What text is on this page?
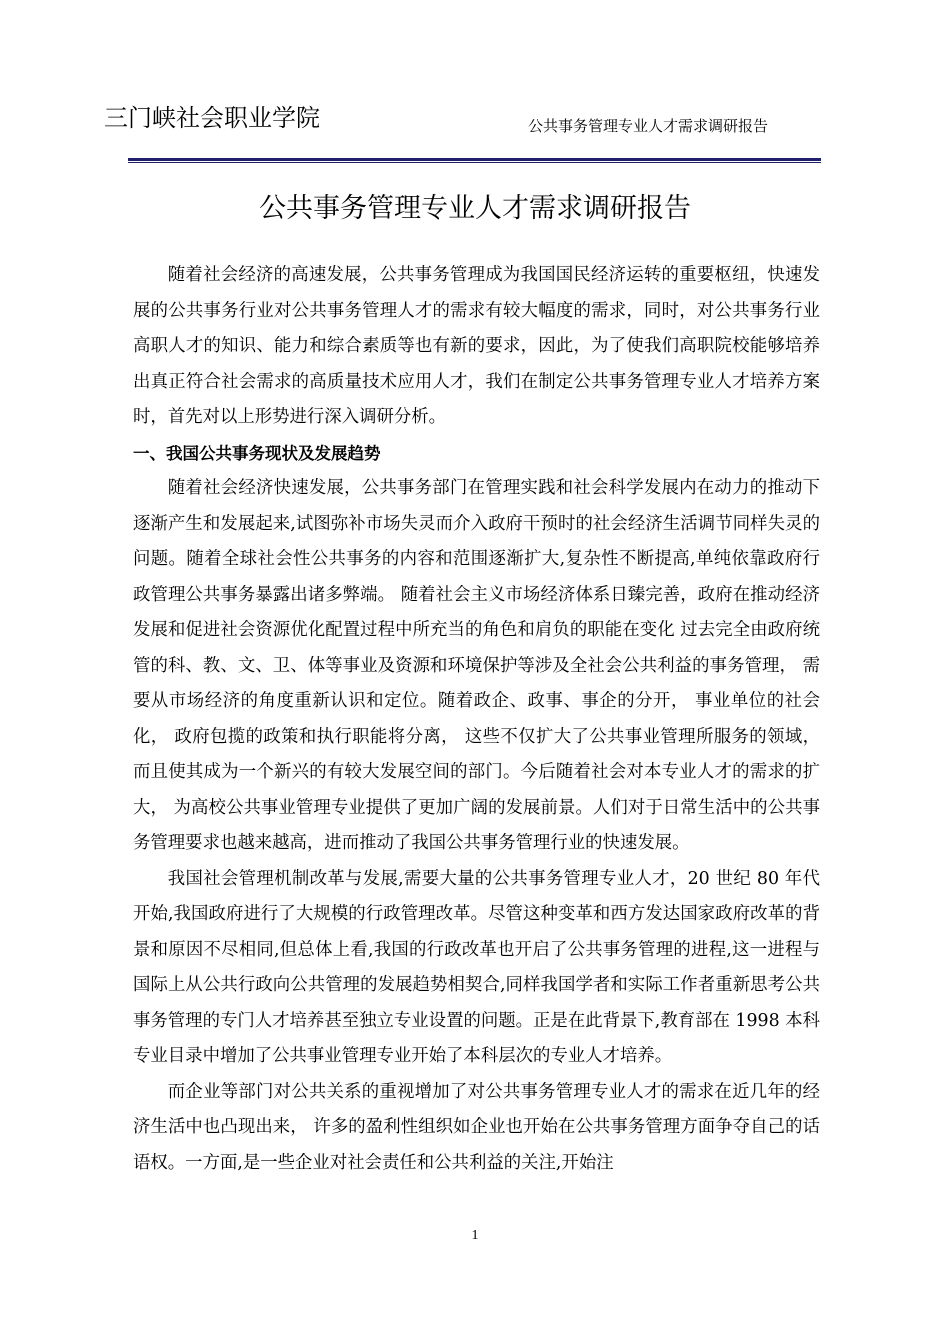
三门峡社会职业学院	公共事务管理专业人才需求调研报告
公共事务管理专业人才需求调研报告

随着社会经济的高速发展，公共事务管理成为我国国民经济运转的重要枢纽，快速发展的公共事务行业对公共事务管理人才的需求有较大幅度的需求，同时，对公共事务行业高职人才的知识、能力和综合素质等也有新的要求，因此，为了使我们高职院校能够培养出真正符合社会需求的高质量技术应用人才，我们在制定公共事务管理专业人才培养方案时，首先对以上形势进行深入调研分析。

一、我国公共事务现状及发展趋势

随着社会经济快速发展，公共事务部门在管理实践和社会科学发展内在动力的推动下逐渐产生和发展起来,试图弥补市场失灵而介入政府干预时的社会经济生活调节同样失灵的问题。随着全球社会性公共事务的内容和范围逐渐扩大,复杂性不断提高,单纯依靠政府行政管理公共事务暴露出诸多弊端。 随着社会主义市场经济体系日臻完善，政府在推动经济发展和促进社会资源优化配置过程中所充当的角色和肩负的职能在变化 过去完全由政府统管的科、教、文、卫、体等事业及资源和环境保护等涉及全社会公共利益的事务管理， 需要从市场经济的角度重新认识和定位。随着政企、政事、事企的分开， 事业单位的社会化， 政府包揽的政策和执行职能将分离， 这些不仅扩大了公共事业管理所服务的领域， 而且使其成为一个新兴的有较大发展空间的部门。今后随着社会对本专业人才的需求的扩大， 为高校公共事业管理专业提供了更加广阔的发展前景。人们对于日常生活中的公共事务管理要求也越来越高，进而推动了我国公共事务管理行业的快速发展。

我国社会管理机制改革与发展,需要大量的公共事务管理专业人才，20 世纪 80 年代开始,我国政府进行了大规模的行政管理改革。尽管这种变革和西方发达国家政府改革的背景和原因不尽相同,但总体上看,我国的行政改革也开启了公共事务管理的进程,这一进程与国际上从公共行政向公共管理的发展趋势相契合,同样我国学者和实际工作者重新思考公共事务管理的专门人才培养甚至独立专业设置的问题。正是在此背景下,教育部在 1998 本科专业目录中增加了公共事业管理专业开始了本科层次的专业人才培养。

而企业等部门对公共关系的重视增加了对公共事务管理专业人才的需求在近几年的经济生活中也凸现出来， 许多的盈利性组织如企业也开始在公共事务管理方面争夺自己的话语权。一方面,是一些企业对社会责任和公共利益的关注,开始注

1
